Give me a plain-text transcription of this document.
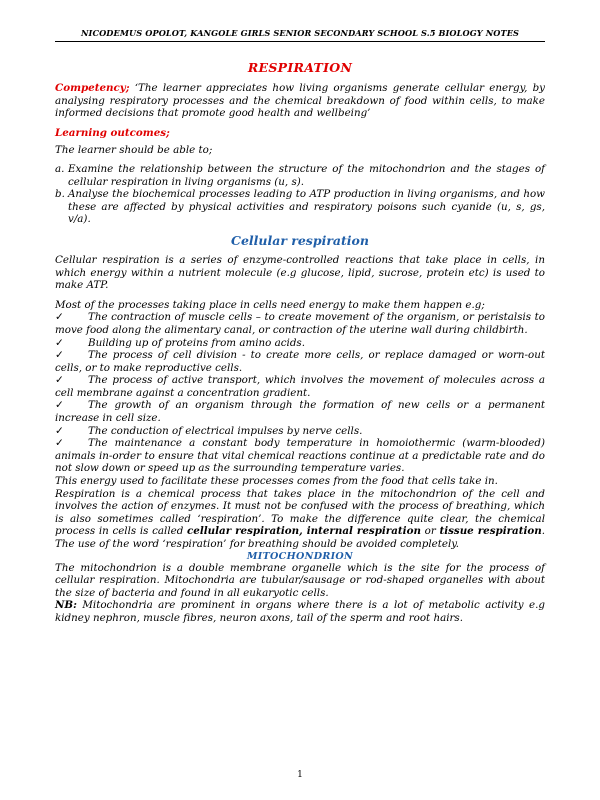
NICODEMUS OPOLOT, KANGOLE GIRLS SENIOR SECONDARY SCHOOL S.5 BIOLOGY NOTES
RESPIRATION

Competency; ‘The learner appreciates how living organisms generate cellular energy, by analysing respiratory processes and the chemical breakdown of food within cells, to make informed decisions that promote good health and wellbeing’

Learning outcomes;

The learner should be able to;

a. Examine the relationship between the structure of the mitochondrion and the stages of cellular respiration in living organisms (u, s).
b. Analyse the biochemical processes leading to ATP production in living organisms, and how these are affected by physical activities and respiratory poisons such cyanide (u, s, gs, v/a).
Cellular respiration

Cellular respiration is a series of enzyme-controlled reactions that take place in cells, in which energy within a nutrient molecule (e.g glucose, lipid, sucrose, protein etc) is used to make ATP.

Most of the processes taking place in cells need energy to make them happen e.g;

✓ The contraction of muscle cells – to create movement of the organism, or peristalsis to move food along the alimentary canal, or contraction of the uterine wall during childbirth.
✓ Building up of proteins from amino acids.
✓ The process of cell division - to create more cells, or replace damaged or worn-out cells, or to make reproductive cells.
✓ The process of active transport, which involves the movement of molecules across a cell membrane against a concentration gradient.
✓ The growth of an organism through the formation of new cells or a permanent increase in cell size.
✓ The conduction of electrical impulses by nerve cells.
✓ The maintenance a constant body temperature in homoiothermic (warm-blooded) animals in-order to ensure that vital chemical reactions continue at a predictable rate and do not slow down or speed up as the surrounding temperature varies.

This energy used to facilitate these processes comes from the food that cells take in.

Respiration is a chemical process that takes place in the mitochondrion of the cell and involves the action of enzymes. It must not be confused with the process of breathing, which is also sometimes called ‘respiration’. To make the difference quite clear, the chemical process in cells is called cellular respiration, internal respiration or tissue respiration. The use of the word ‘respiration’ for breathing should be avoided completely.

MITOCHONDRION

The mitochondrion is a double membrane organelle which is the site for the process of cellular respiration. Mitochondria are tubular/sausage or rod-shaped organelles with about the size of bacteria and found in all eukaryotic cells.

NB: Mitochondria are prominent in organs where there is a lot of metabolic activity e.g kidney nephron, muscle fibres, neuron axons, tail of the sperm and root hairs.

1
